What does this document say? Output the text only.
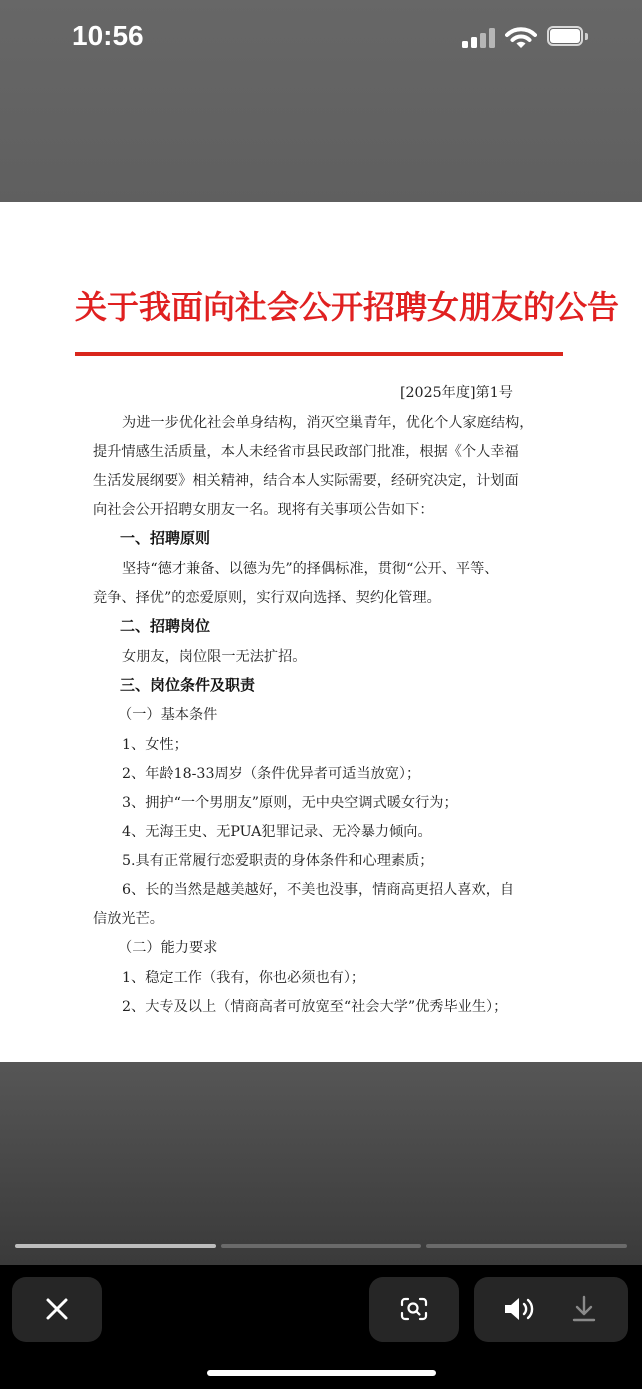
10:56
关于我面向社会公开招聘女朋友的公告
[2025年度]第1号
为进一步优化社会单身结构，消灭空巢青年，优化个人家庭结构，
提升情感生活质量，本人未经省市县民政部门批准，根据《个人幸福
生活发展纲要》相关精神，结合本人实际需要，经研究决定，计划面
向社会公开招聘女朋友一名。现将有关事项公告如下：
一、招聘原则
坚持“德才兼备、以德为先”的择偶标准，贯彻“公开、平等、
竞争、择优”的恋爱原则，实行双向选择、契约化管理。
二、招聘岗位
女朋友，岗位限一无法扩招。
三、岗位条件及职责
（一）基本条件
1、女性；
2、年龄18-33周岁（条件优异者可适当放宽）；
3、拥护“一个男朋友”原则，无中央空调式暖女行为；
4、无海王史、无PUA犯罪记录、无冷暴力倾向。
5.具有正常履行恋爱职责的身体条件和心理素质；
6、长的当然是越美越好，不美也没事，情商高更招人喜欢，自
信放光芒。
（二）能力要求
1、稳定工作（我有，你也必须也有）；
2、大专及以上（情商高者可放宽至“社会大学”优秀毕业生）；
